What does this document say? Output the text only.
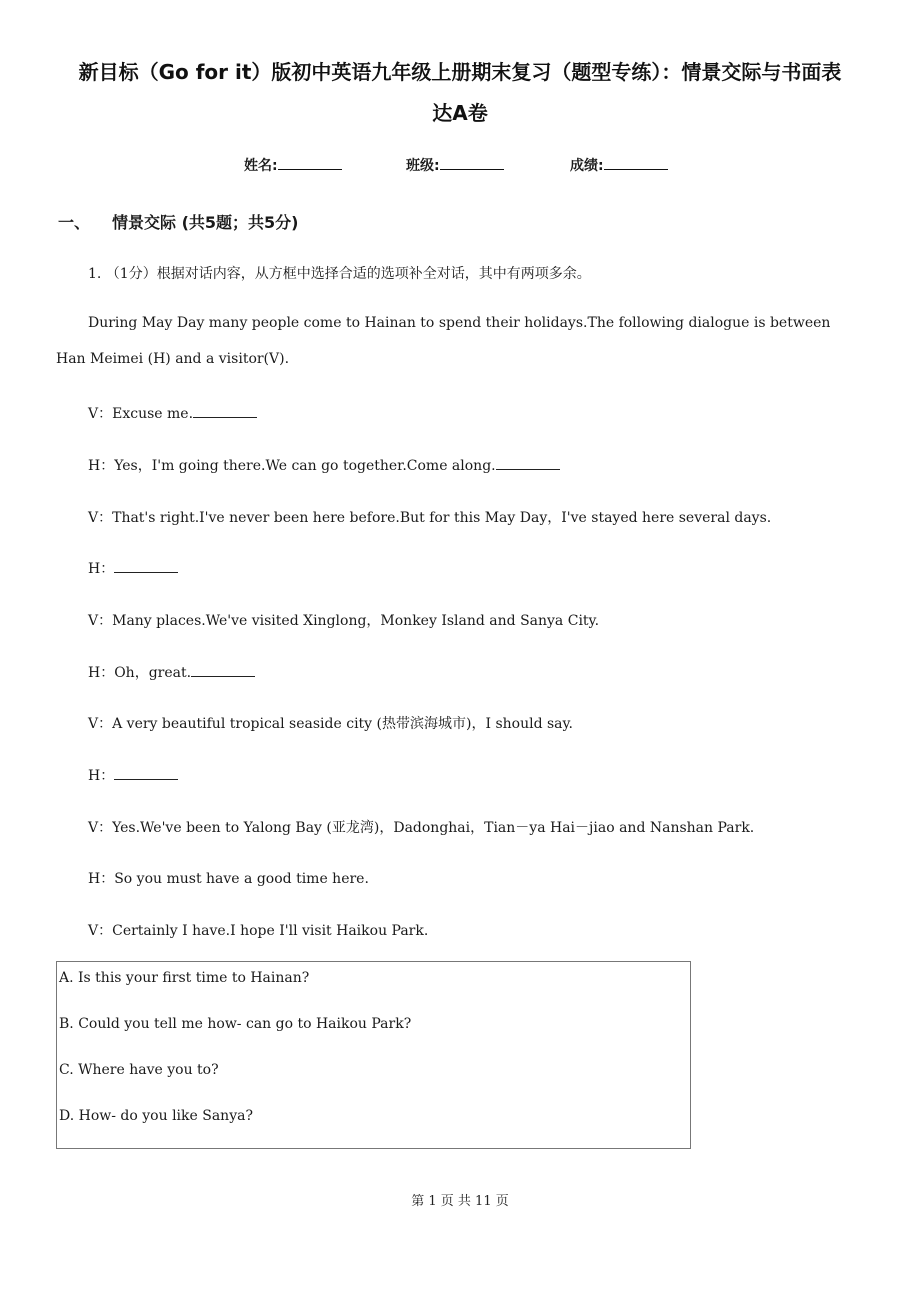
新目标（Go for it）版初中英语九年级上册期末复习（题型专练）：情景交际与书面表
达A卷
姓名:	班级:	成绩:
一、 情景交际 (共5题；共5分)
1. （1分）根据对话内容，从方框中选择合适的选项补全对话，其中有两项多余。
During May Day many people come to Hainan to spend their holidays.The following dialogue is between
Han Meimei (H) and a visitor(V).
V：Excuse me.
H：Yes，I'm going there.We can go together.Come along.
V：That's right.I've never been here before.But for this May Day，I've stayed here several days.
H：
V：Many places.We've visited Xinglong，Monkey Island and Sanya City.
H：Oh，great.
V：A very beautiful tropical seaside city (热带滨海城市)，I should say.
H：
V：Yes.We've been to Yalong Bay (亚龙湾)，Dadonghai，Tian－ya Hai－jiao and Nanshan Park.
H：So you must have a good time here.
V：Certainly I have.I hope I'll visit Haikou Park.
A. Is this your first time to Hainan?
B. Could you tell me how- can go to Haikou Park?
C. Where have you to?
D. How- do you like Sanya?
第 1 页 共 11 页
